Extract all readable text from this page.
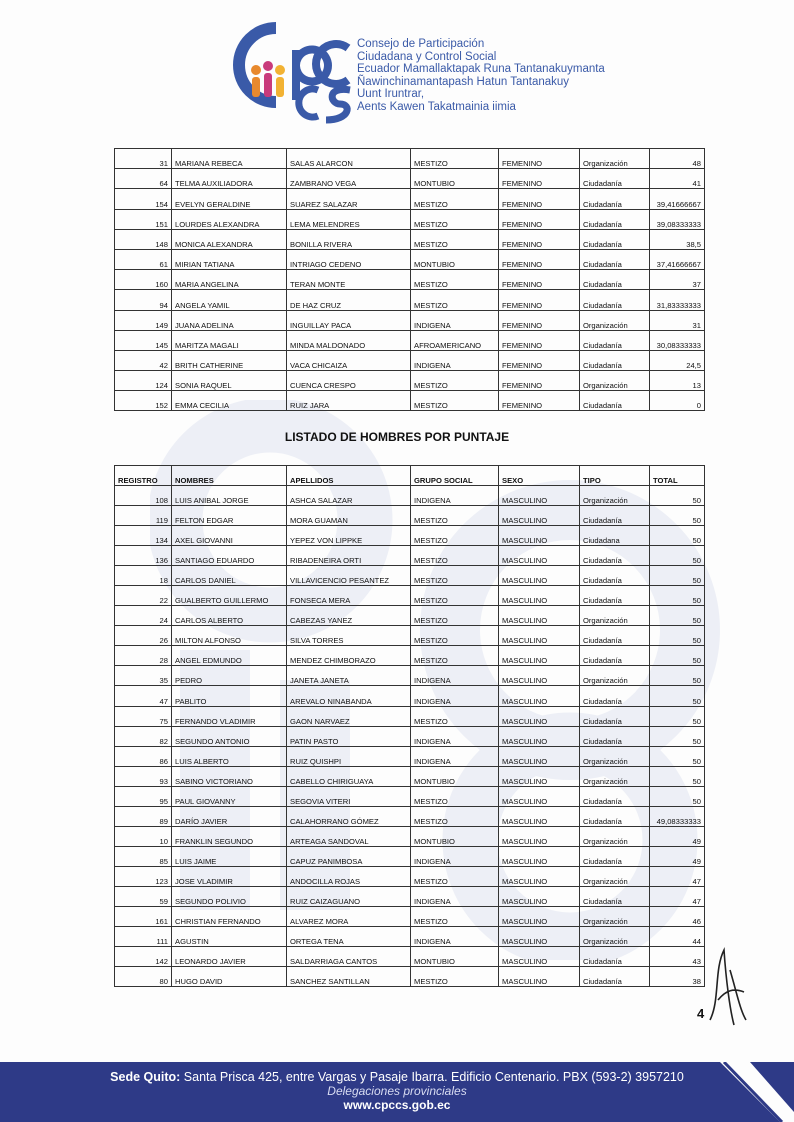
Consejo de Participación
Ciudadana y Control Social
Ecuador Mamallaktapak Runa Tantanakuymanta
Ñawinchinamantapash Hatun Tantanakuy
Uunt Iruntrar,
Aents Kawen Takatmainia iimia
31	MARIANA REBECA	SALAS ALARCON	MESTIZO	FEMENINO	Organización	48
64	TELMA AUXILIADORA	ZAMBRANO VEGA	MONTUBIO	FEMENINO	Ciudadanía	41
154	EVELYN GERALDINE	SUAREZ SALAZAR	MESTIZO	FEMENINO	Ciudadanía	39,41666667
151	LOURDES ALEXANDRA	LEMA MELENDRES	MESTIZO	FEMENINO	Ciudadanía	39,08333333
148	MONICA ALEXANDRA	BONILLA RIVERA	MESTIZO	FEMENINO	Ciudadanía	38,5
61	MIRIAN TATIANA	INTRIAGO CEDENO	MONTUBIO	FEMENINO	Ciudadanía	37,41666667
160	MARIA ANGELINA	TERAN MONTE	MESTIZO	FEMENINO	Ciudadanía	37
94	ANGELA YAMIL	DE HAZ CRUZ	MESTIZO	FEMENINO	Ciudadanía	31,83333333
149	JUANA ADELINA	INGUILLAY PACA	INDIGENA	FEMENINO	Organización	31
145	MARITZA MAGALI	MINDA MALDONADO	AFROAMERICANO	FEMENINO	Ciudadanía	30,08333333
42	BRITH CATHERINE	VACA CHICAIZA	INDIGENA	FEMENINO	Ciudadanía	24,5
124	SONIA RAQUEL	CUENCA CRESPO	MESTIZO	FEMENINO	Organización	13
152	EMMA CECILIA	RUIZ JARA	MESTIZO	FEMENINO	Ciudadanía	0
LISTADO DE HOMBRES POR PUNTAJE
REGISTRO	NOMBRES	APELLIDOS	GRUPO SOCIAL	SEXO	TIPO	TOTAL
108	LUIS ANIBAL JORGE	ASHCA SALAZAR	INDIGENA	MASCULINO	Organización	50
119	FELTON EDGAR	MORA GUAMAN	MESTIZO	MASCULINO	Ciudadanía	50
134	AXEL GIOVANNI	YEPEZ VON LIPPKE	MESTIZO	MASCULINO	Ciudadana	50
136	SANTIAGO EDUARDO	RIBADENEIRA ORTI	MESTIZO	MASCULINO	Ciudadanía	50
18	CARLOS DANIEL	VILLAVICENCIO PESANTEZ	MESTIZO	MASCULINO	Ciudadanía	50
22	GUALBERTO GUILLERMO	FONSECA MERA	MESTIZO	MASCULINO	Ciudadanía	50
24	CARLOS ALBERTO	CABEZAS YANEZ	MESTIZO	MASCULINO	Organización	50
26	MILTON ALFONSO	SILVA TORRES	MESTIZO	MASCULINO	Ciudadanía	50
28	ANGEL EDMUNDO	MENDEZ CHIMBORAZO	MESTIZO	MASCULINO	Ciudadanía	50
35	PEDRO	JANETA JANETA	INDIGENA	MASCULINO	Organización	50
47	PABLITO	AREVALO NINABANDA	INDIGENA	MASCULINO	Ciudadanía	50
75	FERNANDO VLADIMIR	GAON NARVAEZ	MESTIZO	MASCULINO	Ciudadanía	50
82	SEGUNDO ANTONIO	PATIN PASTO	INDIGENA	MASCULINO	Ciudadanía	50
86	LUIS ALBERTO	RUIZ QUISHPI	INDIGENA	MASCULINO	Organización	50
93	SABINO VICTORIANO	CABELLO CHIRIGUAYA	MONTUBIO	MASCULINO	Organización	50
95	PAUL GIOVANNY	SEGOVIA VITERI	MESTIZO	MASCULINO	Ciudadanía	50
89	DARÍO JAVIER	CALAHORRANO GÓMEZ	MESTIZO	MASCULINO	Ciudadanía	49,08333333
10	FRANKLIN SEGUNDO	ARTEAGA SANDOVAL	MONTUBIO	MASCULINO	Organización	49
85	LUIS JAIME	CAPUZ PANIMBOSA	INDIGENA	MASCULINO	Ciudadanía	49
123	JOSE VLADIMIR	ANDOCILLA ROJAS	MESTIZO	MASCULINO	Organización	47
59	SEGUNDO POLIVIO	RUIZ CAIZAGUANO	INDIGENA	MASCULINO	Ciudadanía	47
161	CHRISTIAN FERNANDO	ALVAREZ MORA	MESTIZO	MASCULINO	Organización	46
111	AGUSTIN	ORTEGA TENA	INDIGENA	MASCULINO	Organización	44
142	LEONARDO JAVIER	SALDARRIAGA CANTOS	MONTUBIO	MASCULINO	Ciudadanía	43
80	HUGO DAVID	SANCHEZ SANTILLAN	MESTIZO	MASCULINO	Ciudadanía	38
4
Sede Quito: Santa Prisca 425, entre Vargas y Pasaje Ibarra. Edificio Centenario. PBX (593-2) 3957210
Delegaciones provinciales
www.cpccs.gob.ec
